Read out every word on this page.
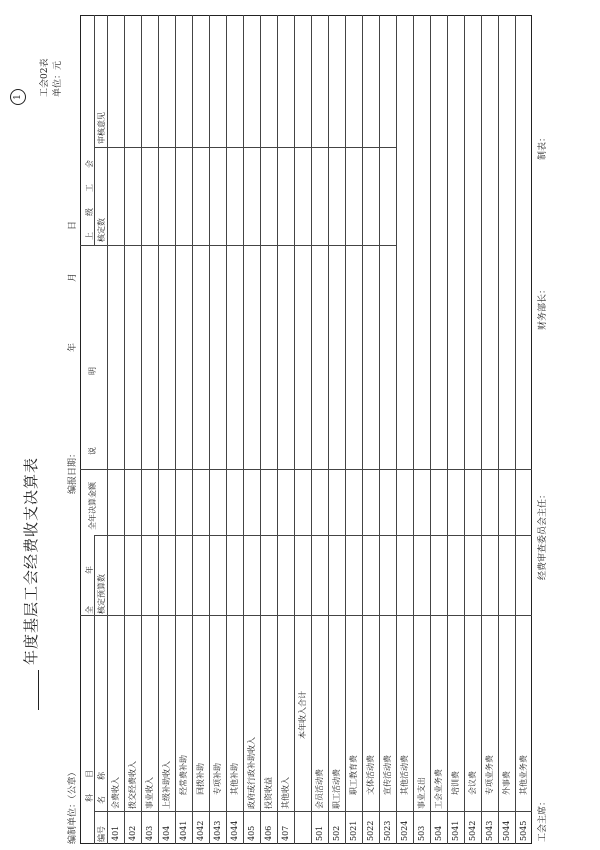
工会02表 单位：元
1
年度基层工会经费收支决算表
编制单位：（公章）
编报日期：
年
月
日
科　　目
编号
名　　称
全　　　　年 核定预算数
全年决算金额
说　　　　　　　　　明
上　　级　　工　　会 核定数
审核意见
401
会费收入
402
拨交经费收入
403
事业收入
404
上级补助收入
4041
经常费补助
4042
回拨补助
4043
专项补助
4044
其他补助
405
政府或行政补助收入
406
投资收益
407
其他收入
本年收入合计
501
会员活动费
502
职工活动费
5021
职工教育费
5022
文体活动费
5023
宣传活动费
5024
其他活动费
503
事业支出
504
工会业务费
5041
培训费
5042
会议费
5043
专项业务费
5044
外事费
5045
其他业务费
工会主席：
经费审查委员会主任：
财务部长：
制表：
